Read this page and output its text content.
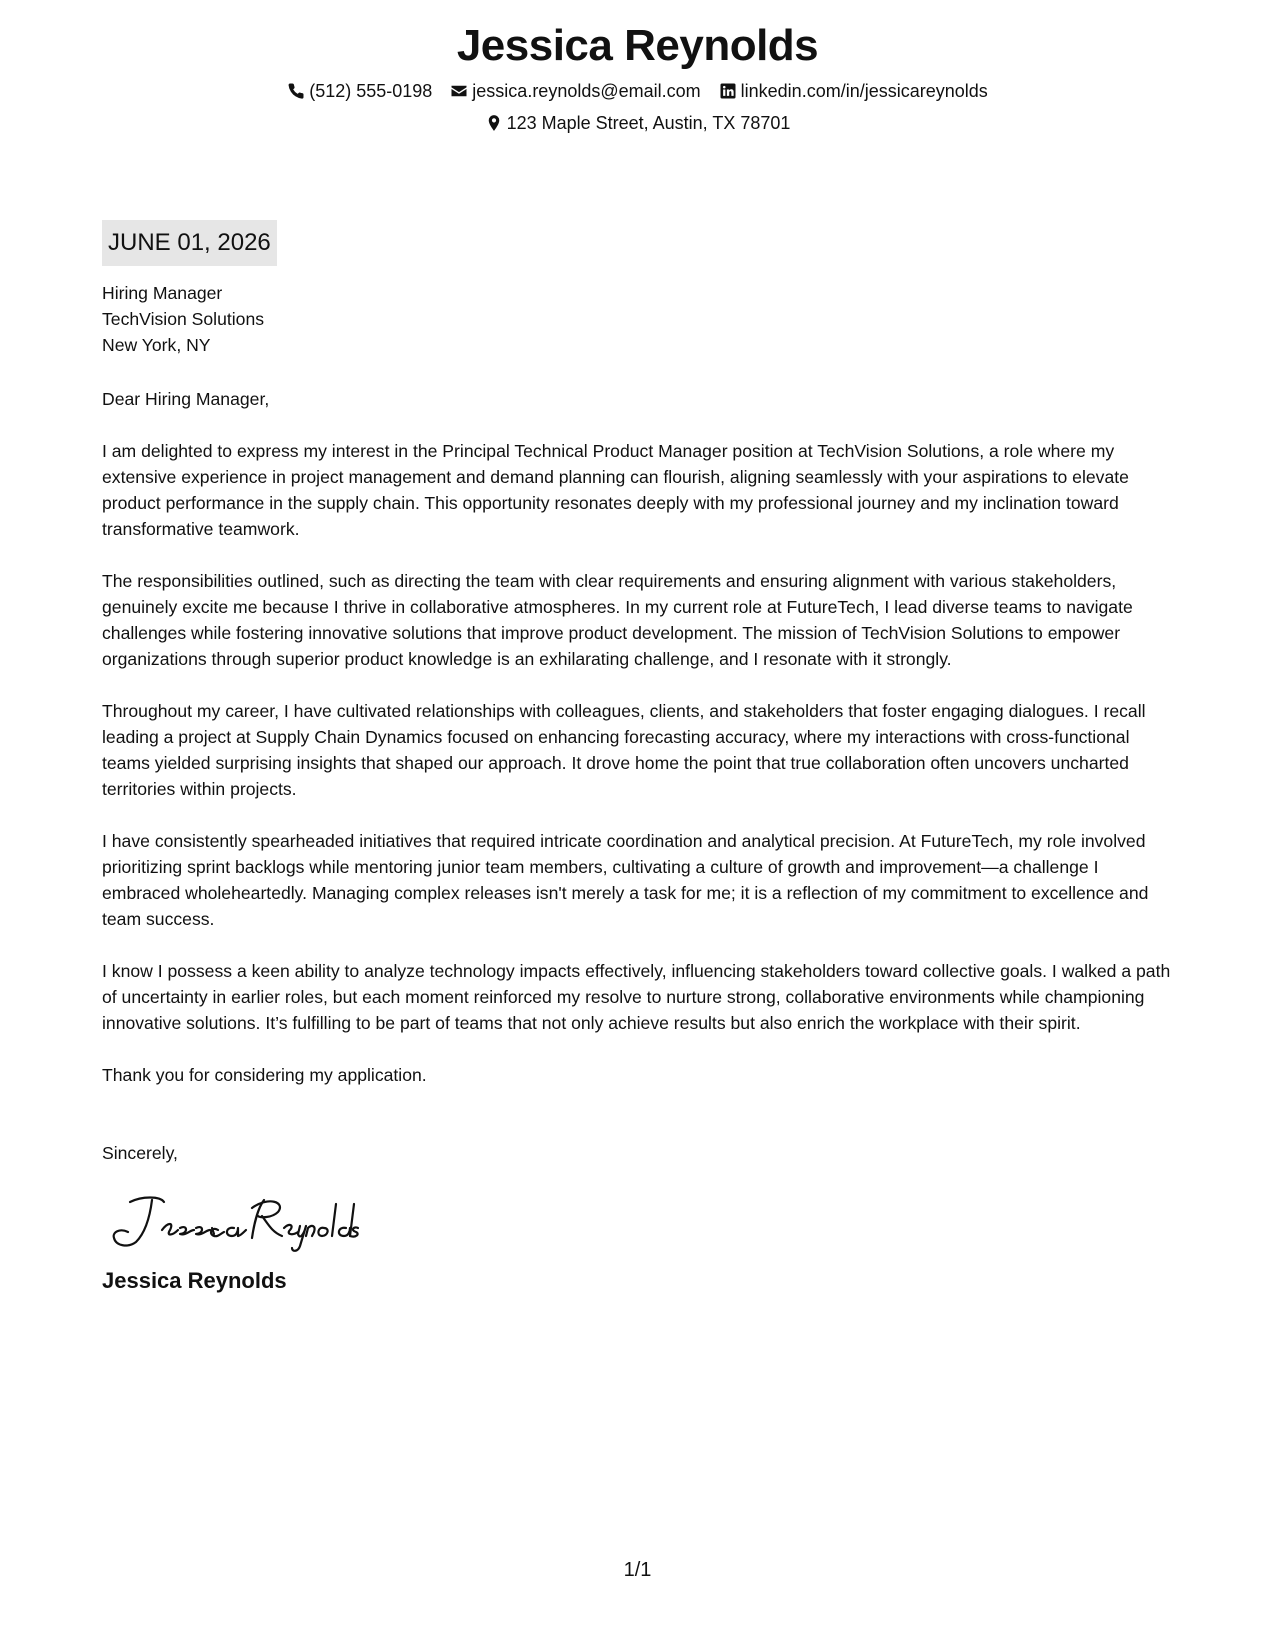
Jessica Reynolds
(512) 555-0198 jessica.reynolds@email.com linkedin.com/in/jessicareynolds
123 Maple Street, Austin, TX 78701
JUNE 01, 2026

Hiring Manager

TechVision Solutions

New York, NY

Dear Hiring Manager,

I am delighted to express my interest in the Principal Technical Product Manager position at TechVision Solutions, a role where my extensive experience in project management and demand planning can flourish, aligning seamlessly with your aspirations to elevate product performance in the supply chain. This opportunity resonates deeply with my professional journey and my inclination toward transformative teamwork.

The responsibilities outlined, such as directing the team with clear requirements and ensuring alignment with various stakeholders, genuinely excite me because I thrive in collaborative atmospheres. In my current role at FutureTech, I lead diverse teams to navigate challenges while fostering innovative solutions that improve product development. The mission of TechVision Solutions to empower organizations through superior product knowledge is an exhilarating challenge, and I resonate with it strongly.

Throughout my career, I have cultivated relationships with colleagues, clients, and stakeholders that foster engaging dialogues. I recall leading a project at Supply Chain Dynamics focused on enhancing forecasting accuracy, where my interactions with cross-functional teams yielded surprising insights that shaped our approach. It drove home the point that true collaboration often uncovers uncharted territories within projects.

I have consistently spearheaded initiatives that required intricate coordination and analytical precision. At FutureTech, my role involved prioritizing sprint backlogs while mentoring junior team members, cultivating a culture of growth and improvement—a challenge I embraced wholeheartedly. Managing complex releases isn't merely a task for me; it is a reflection of my commitment to excellence and team success.

I know I possess a keen ability to analyze technology impacts effectively, influencing stakeholders toward collective goals. I walked a path of uncertainty in earlier roles, but each moment reinforced my resolve to nurture strong, collaborative environments while championing innovative solutions. It’s fulfilling to be part of teams that not only achieve results but also enrich the workplace with their spirit.

Thank you for considering my application.

Sincerely,

Jessica Reynolds
1/1
